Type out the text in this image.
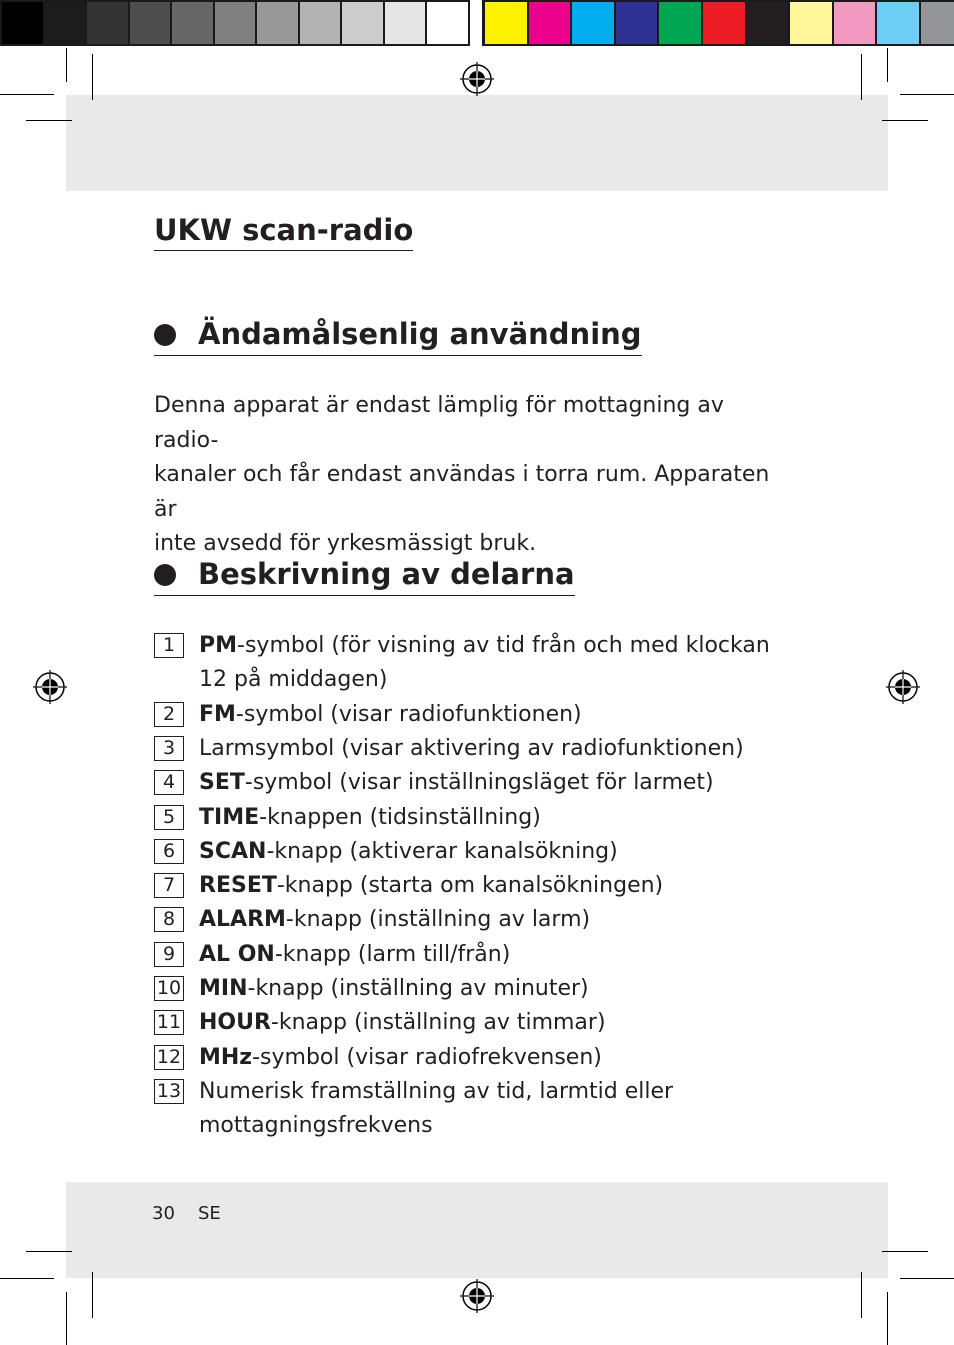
UKW scan-radio
Ändamålsenlig användning
Denna apparat är endast lämplig för mottagning av radio-
kanaler och får endast användas i torra rum. Apparaten är
inte avsedd för yrkesmässigt bruk.
Beskrivning av delarna
1	PM-symbol (för visning av tid från och med klockan
12 på middagen)
2	FM-symbol (visar radiofunktionen)
3	Larmsymbol (visar aktivering av radiofunktionen)
4	SET-symbol (visar inställningsläget för larmet)
5	TIME-knappen (tidsinställning)
6	SCAN-knapp (aktiverar kanalsökning)
7	RESET-knapp (starta om kanalsökningen)
8	ALARM-knapp (inställning av larm)
9	AL ON-knapp (larm till/från)
10 MIN-knapp (inställning av minuter)
11 HOUR-knapp (inställning av timmar)
12 MHz-symbol (visar radiofrekvensen)
13 Numerisk framställning av tid, larmtid eller
mottagningsfrekvens
30 SE
